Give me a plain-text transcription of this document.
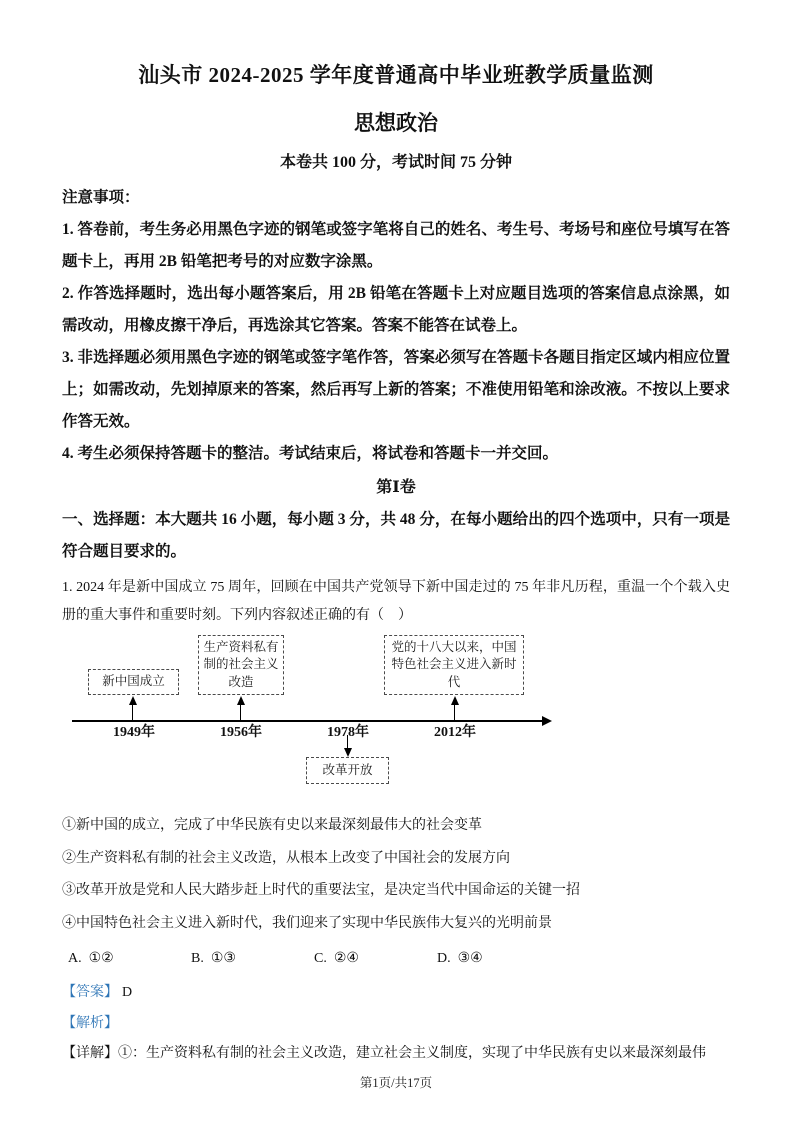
汕头市 2024-2025 学年度普通高中毕业班教学质量监测
思想政治
本卷共 100 分，考试时间 75 分钟
注意事项：
1. 答卷前，考生务必用黑色字迹的钢笔或签字笔将自己的姓名、考生号、考场号和座位号填写在答题卡上，再用 2B 铅笔把考号的对应数字涂黑。
2. 作答选择题时，选出每小题答案后，用 2B 铅笔在答题卡上对应题目选项的答案信息点涂黑，如需改动，用橡皮擦干净后，再选涂其它答案。答案不能答在试卷上。
3. 非选择题必须用黑色字迹的钢笔或签字笔作答，答案必须写在答题卡各题目指定区域内相应位置上；如需改动，先划掉原来的答案，然后再写上新的答案；不准使用铅笔和涂改液。不按以上要求作答无效。
4. 考生必须保持答题卡的整洁。考试结束后，将试卷和答题卡一并交回。
第Ⅰ卷
一、选择题：本大题共 16 小题，每小题 3 分，共 48 分，在每小题给出的四个选项中，只有一项是符合题目要求的。
1. 2024 年是新中国成立 75 周年，回顾在中国共产党领导下新中国走过的 75 年非凡历程，重温一个个载入史册的重大事件和重要时刻。下列内容叙述正确的有（　）
新中国成立
生产资料私有制的社会主义改造
党的十八大以来，中国特色社会主义进入新时代
改革开放
1949年	1956年	1978年	2012年
①新中国的成立，完成了中华民族有史以来最深刻最伟大的社会变革
②生产资料私有制的社会主义改造，从根本上改变了中国社会的发展方向
③改革开放是党和人民大踏步赶上时代的重要法宝，是决定当代中国命运的关键一招
④中国特色社会主义进入新时代，我们迎来了实现中华民族伟大复兴的光明前景
A. ①②	B. ①③	C. ②④	D. ③④
【答案】 D
【解析】
【详解】①：生产资料私有制的社会主义改造，建立社会主义制度，实现了中华民族有史以来最深刻最伟
第1页/共17页
